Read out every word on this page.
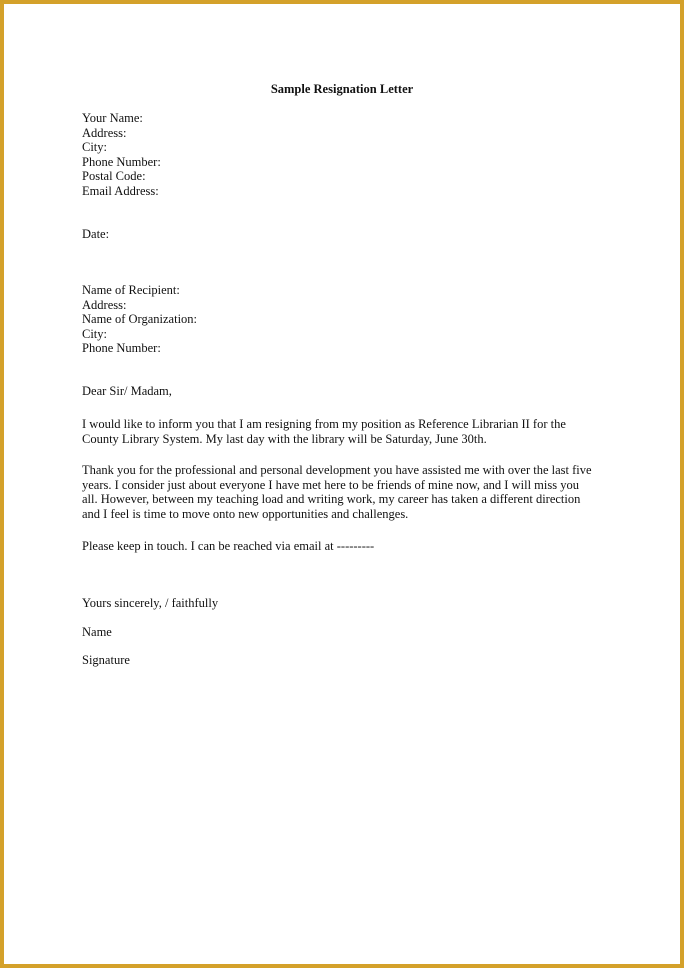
Sample Resignation Letter
Your Name:
Address:
City:
Phone Number:
Postal Code:
Email Address:
Date:
Name of Recipient:
Address:
Name of Organization:
City:
Phone Number:
Dear Sir/ Madam,
I would like to inform you that I am resigning from my position as Reference Librarian II for the
County Library System. My last day with the library will be Saturday, June 30th.
Thank you for the professional and personal development you have assisted me with over the last five
years. I consider just about everyone I have met here to be friends of mine now, and I will miss you
all. However, between my teaching load and writing work, my career has taken a different direction
and I feel is time to move onto new opportunities and challenges.
Please keep in touch. I can be reached via email at ---------
Yours sincerely, / faithfully
Name
Signature
